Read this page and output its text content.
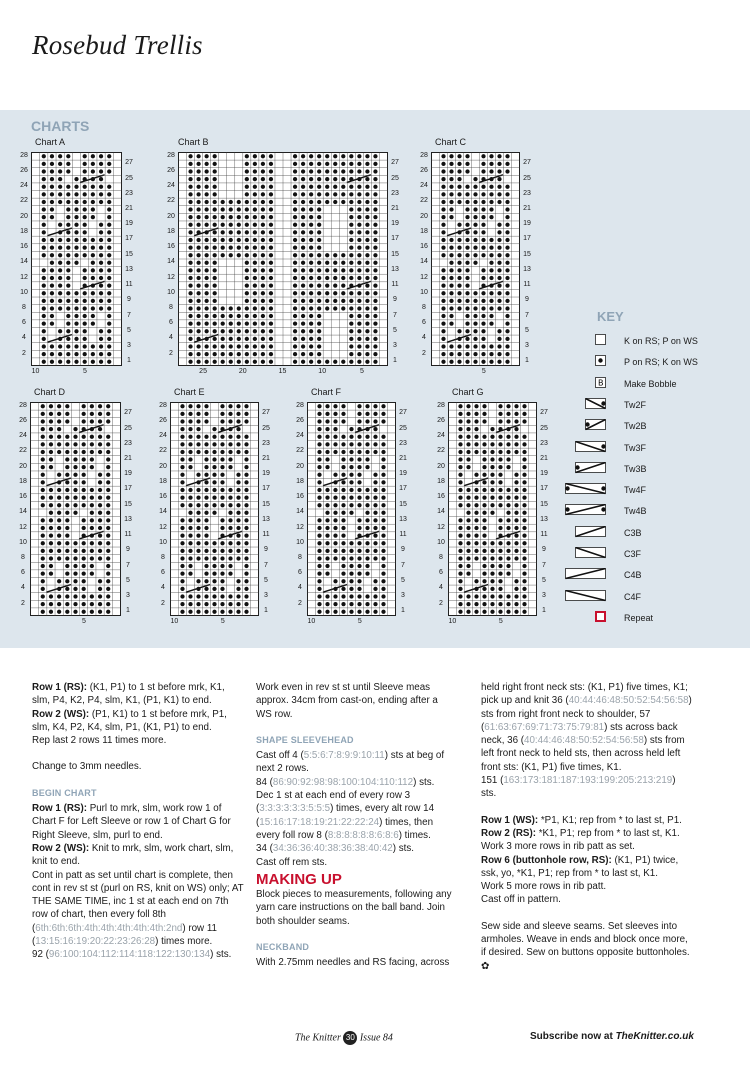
Rosebud Trellis
CHARTS
Chart A
1
2
3
4
5
6
7
8
9
10
11
12
13
14
15
16
17
18
19
20
21
22
23
24
25
26
27
28
10	5
Chart B
1
2
3
4
5
6
7
8
9
10
11
12
13
14
15
16
17
18
19
20
21
22
23
24
25
26
27
28
25	20	15	10	5
Chart C
1
2
3
4
5
6
7
8
9
10
11
12
13
14
15
16
17
18
19
20
21
22
23
24
25
26
27
28
5
Chart D
1
2
3
4
5
6
7
8
9
10
11
12
13
14
15
16
17
18
19
20
21
22
23
24
25
26
27
28
5
Chart E
1
2
3
4
5
6
7
8
9
10
11
12
13
14
15
16
17
18
19
20
21
22
23
24
25
26
27
28
10	5
Chart F
1
2
3
4
5
6
7
8
9
10
11
12
13
14
15
16
17
18
19
20
21
22
23
24
25
26
27
28
10	5
Chart G
1
2
3
4
5
6
7
8
9
10
11
12
13
14
15
16
17
18
19
20
21
22
23
24
25
26
27
28
10	5
KEY
K on RS; P on WS
P on RS; K on WS
B Make Bobble
Tw2F
Tw2B
Tw3F
Tw3B
Tw4F
Tw4B
C3B
C3F
C4B
C4F
Repeat

Row 1 (RS): (K1, P1) to 1 st before mrk, K1, slm, P4, K2, P4, slm, K1, (P1, K1) to end.
Row 2 (WS): (P1, K1) to 1 st before mrk, P1, slm, K4, P2, K4, slm, P1, (K1, P1) to end.
Rep last 2 rows 11 times more.

Change to 3mm needles.

BEGIN CHART
Row 1 (RS): Purl to mrk, slm, work row 1 of Chart F for Left Sleeve or row 1 of Chart G for Right Sleeve, slm, purl to end.
Row 2 (WS): Knit to mrk, slm, work chart, slm, knit to end.
Cont in patt as set until chart is complete, then cont in rev st st (purl on RS, knit on WS) only; AT THE SAME TIME, inc 1 st at each end on 7th row of chart, then every foll 8th (6th:6th:6th:4th:4th:4th:4th:4th:2nd) row 11 (13:15:16:19:20:22:23:26:28) times more.
92 (96:100:104:112:114:118:122:130:134) sts.

Work even in rev st st until Sleeve meas approx. 34cm from cast-on, ending after a WS row.

SHAPE SLEEVEHEAD
Cast off 4 (5:5:6:7:8:9:9:10:11) sts at beg of next 2 rows.
84 (86:90:92:98:98:100:104:110:112) sts.
Dec 1 st at each end of every row 3 (3:3:3:3:3:3:5:5:5) times, every alt row 14 (15:16:17:18:19:21:22:22:24) times, then every foll row 8 (8:8:8:8:8:8:6:8:6) times.
34 (34:36:36:40:38:36:38:40:42) sts.
Cast off rem sts.
MAKING UP

Block pieces to measurements, following any yarn care instructions on the ball band. Join both shoulder seams.

NECKBAND
With 2.75mm needles and RS facing, across

held right front neck sts: (K1, P1) five times, K1; pick up and knit 36 (40:44:46:48:50:52:54:56:58) sts from right front neck to shoulder, 57 (61:63:67:69:71:73:75:79:81) sts across back neck, 36 (40:44:46:48:50:52:54:56:58) sts from left front neck to held sts, then across held left front sts: (K1, P1) five times, K1.
151 (163:173:181:187:193:199:205:213:219) sts.

Row 1 (WS): *P1, K1; rep from * to last st, P1.
Row 2 (RS): *K1, P1; rep from * to last st, K1.
Work 3 more rows in rib patt as set.
Row 6 (buttonhole row, RS): (K1, P1) twice, ssk, yo, *K1, P1; rep from * to last st, K1.
Work 5 more rows in rib patt.
Cast off in pattern.

Sew side and sleeve seams. Set sleeves into armholes. Weave in ends and block once more, if desired. Sew on buttons opposite buttonholes. ✿

The Knitter 30 Issue 84	Subscribe now at TheKnitter.co.uk
